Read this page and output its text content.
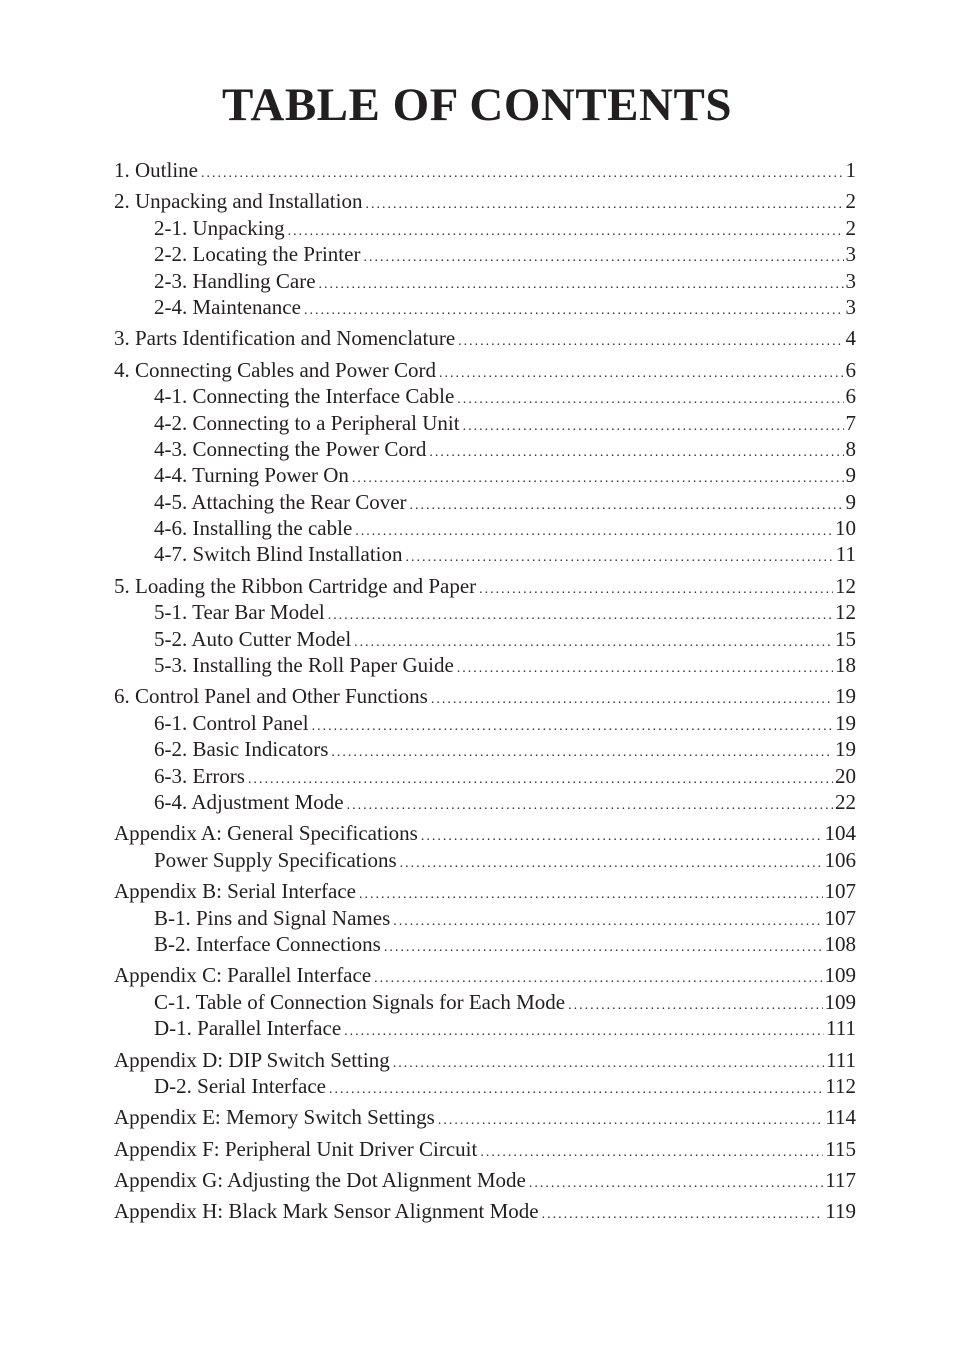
TABLE OF CONTENTS
1. Outline .....	1
2. Unpacking and Installation .....	2
2-1. Unpacking .....	2
2-2. Locating the Printer .....	3
2-3. Handling Care .....	3
2-4. Maintenance .....	3
3. Parts Identification and Nomenclature .....	4
4. Connecting Cables and Power Cord .....	6
4-1. Connecting the Interface Cable .....	6
4-2. Connecting to a Peripheral Unit .....	7
4-3. Connecting the Power Cord .....	8
4-4. Turning Power On .....	9
4-5. Attaching the Rear Cover .....	9
4-6. Installing the cable .....	10
4-7. Switch Blind Installation .....	11
5. Loading the Ribbon Cartridge and Paper .....	12
5-1. Tear Bar Model .....	12
5-2. Auto Cutter Model .....	15
5-3. Installing the Roll Paper Guide .....	18
6. Control Panel and Other Functions .....	19
6-1. Control Panel .....	19
6-2. Basic Indicators .....	19
6-3. Errors .....	20
6-4. Adjustment Mode .....	22
Appendix A: General Specifications .....	104
Power Supply Specifications .....	106
Appendix B: Serial Interface .....	107
B-1. Pins and Signal Names .....	107
B-2. Interface Connections .....	108
Appendix C: Parallel Interface .....	109
C-1. Table of Connection Signals for Each Mode .....	109
D-1. Parallel Interface .....	111
Appendix D: DIP Switch Setting .....	111
D-2. Serial Interface .....	112
Appendix E: Memory Switch Settings .....	114
Appendix F: Peripheral Unit Driver Circuit .....	115
Appendix G: Adjusting the Dot Alignment Mode .....	117
Appendix H: Black Mark Sensor Alignment Mode .....	119
